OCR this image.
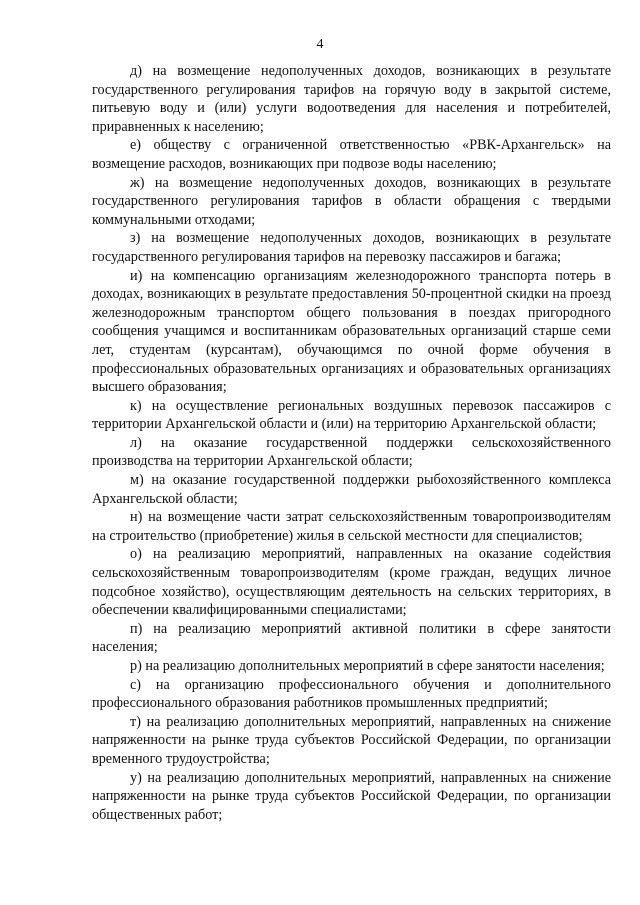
4

д) на возмещение недополученных доходов, возникающих в результате государственного регулирования тарифов на горячую воду в закрытой системе, питьевую воду и (или) услуги водоотведения для населения и потребителей, приравненных к населению;

е) обществу с ограниченной ответственностью «РВК-Архангельск» на возмещение расходов, возникающих при подвозе воды населению;

ж) на возмещение недополученных доходов, возникающих в результате государственного регулирования тарифов в области обращения с твердыми коммунальными отходами;

з) на возмещение недополученных доходов, возникающих в результате государственного регулирования тарифов на перевозку пассажиров и багажа;

и) на компенсацию организациям железнодорожного транспорта потерь в доходах, возникающих в результате предоставления 50-процентной скидки на проезд железнодорожным транспортом общего пользования в поездах пригородного сообщения учащимся и воспитанникам образовательных организаций старше семи лет, студентам (курсантам), обучающимся по очной форме обучения в профессиональных образовательных организациях и образовательных организациях высшего образования;

к) на осуществление региональных воздушных перевозок пассажиров с территории Архангельской области и (или) на территорию Архангельской области;

л) на оказание государственной поддержки сельскохозяйственного производства на территории Архангельской области;

м) на оказание государственной поддержки рыбохозяйственного комплекса Архангельской области;

н) на возмещение части затрат сельскохозяйственным товаропроизводителям на строительство (приобретение) жилья в сельской местности для специалистов;

о) на реализацию мероприятий, направленных на оказание содействия сельскохозяйственным товаропроизводителям (кроме граждан, ведущих личное подсобное хозяйство), осуществляющим деятельность на сельских территориях, в обеспечении квалифицированными специалистами;

п) на реализацию мероприятий активной политики в сфере занятости населения;

р) на реализацию дополнительных мероприятий в сфере занятости населения;

с) на организацию профессионального обучения и дополнительного профессионального образования работников промышленных предприятий;

т) на реализацию дополнительных мероприятий, направленных на снижение напряженности на рынке труда субъектов Российской Федерации, по организации временного трудоустройства;

у) на реализацию дополнительных мероприятий, направленных на снижение напряженности на рынке труда субъектов Российской Федерации, по организации общественных работ;
